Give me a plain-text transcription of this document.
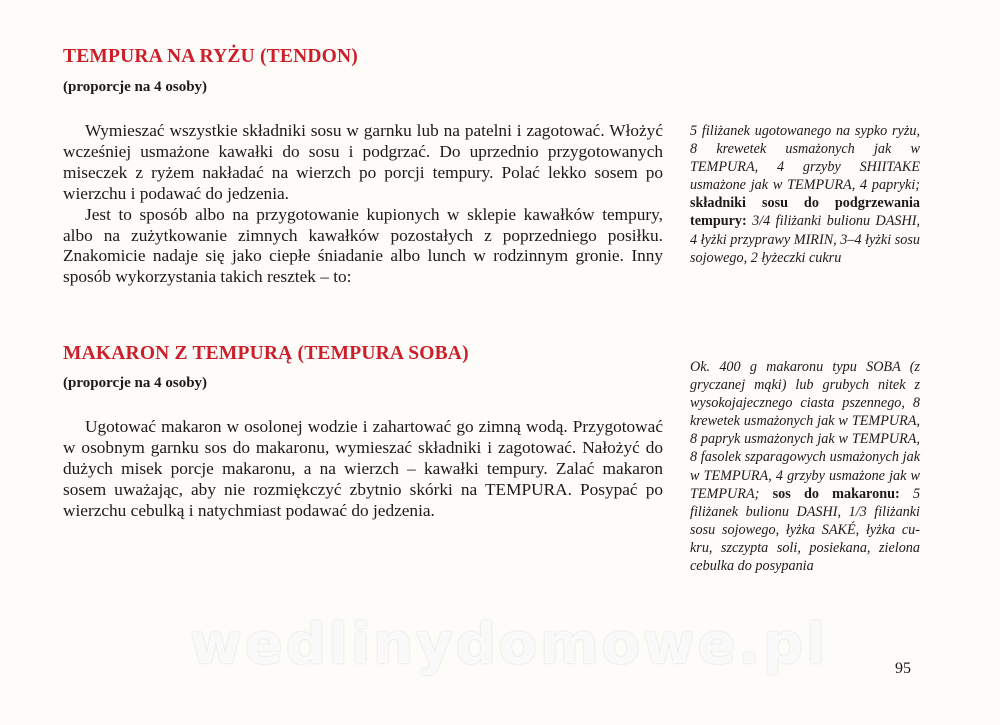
TEMPURA NA RYŻU (TENDON)
(proporcje na 4 osoby)

Wymieszać wszystkie składniki sosu w garnku lub na patelni i zagotować. Włożyć wcześniej usmażone kawałki do sosu i podgrzać. Do uprzednio przygotowanych miseczek z ryżem nakładać na wierzch po porcji tempury. Polać lekko sosem po wierzchu i podawać do jedzenia.

Jest to sposób albo na przygotowanie kupionych w sklepie kawałków tempury, albo na zużytkowanie zimnych kawałków pozostałych z poprzedniego posiłku. Znakomicie nadaje się jako ciepłe śniadanie albo lunch w rodzinnym gronie. Inny sposób wykorzystania takich resztek – to:

5 filiżanek ugotowanego na sypko ryżu, 8 krewetek usmażonych jak w TEMPURA, 4 grzyby SHIITAKE usmażone jak w TEMPURA, 4 papryki; składniki sosu do podgrzewania tempury: 3/4 filiżanki bulionu DASHI, 4 łyżki przyprawy MIRIN, 3–4 łyżki sosu sojowego, 2 łyżeczki cukru
MAKARON Z TEMPURĄ (TEMPURA SOBA)
(proporcje na 4 osoby)

Ugotować makaron w osolonej wodzie i zahartować go zimną wodą. Przygotować w osobnym garnku sos do makaronu, wymieszać składniki i zagotować. Nałożyć do dużych misek porcje makaronu, a na wierzch – kawałki tempury. Zalać makaron sosem uważając, aby nie rozmiękczyć zbytnio skórki na TEMPURA. Posypać po wierzchu cebulką i natychmiast podawać do jedzenia.

Ok. 400 g makaronu typu SOBA (z gryczanej mąki) lub grubych nitek z wysokojajecznego ciasta pszennego, 8 krewetek usmażonych jak w TEMPURA, 8 papryk usmażonych jak w TEMPURA, 8 fasolek szparagowych usmażonych jak w TEMPURA, 4 grzyby usmażone jak w TEMPURA; sos do makaronu: 5 filiżanek bulionu DASHI, 1/3 filiżanki sosu sojowego, łyżka SAKÉ, łyżka cukru, szczypta soli, posiekana, zielona cebulka do posypania
95
wedlinydomowe.pl
